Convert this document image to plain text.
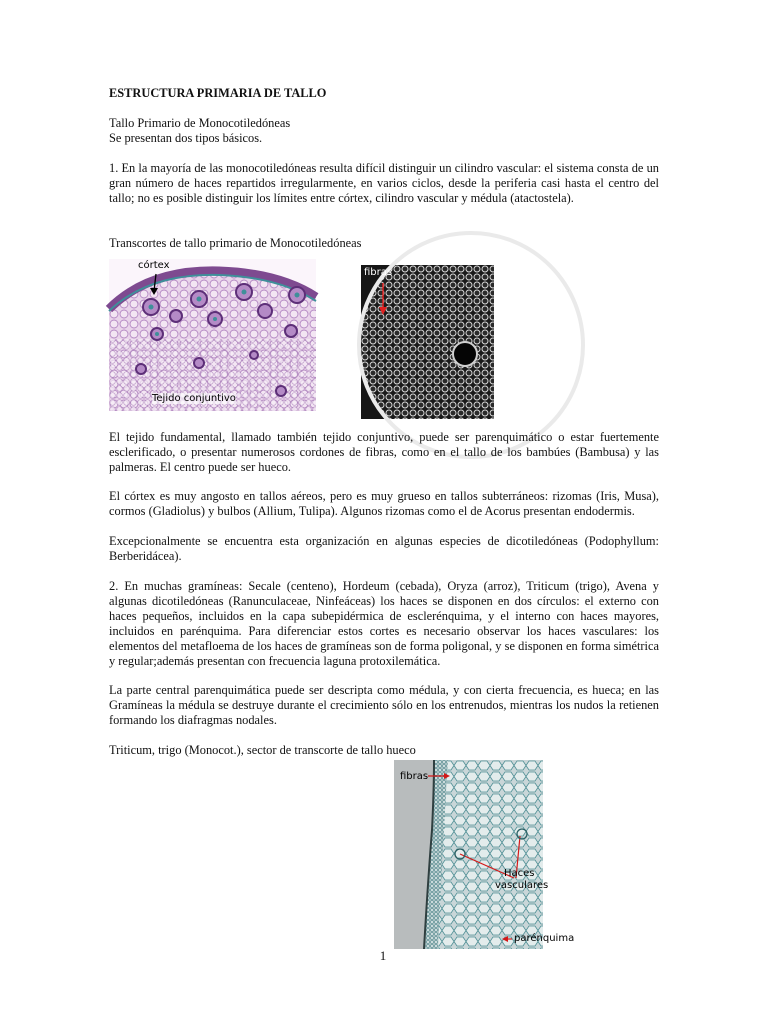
ESTRUCTURA PRIMARIA DE TALLO
Tallo Primario de Monocotiledóneas
Se presentan dos tipos básicos.
1. En la mayoría de las monocotiledóneas resulta difícil distinguir un cilindro vascular: el sistema consta de un gran número de haces repartidos irregularmente, en varios ciclos, desde la periferia casi hasta el centro del tallo; no es posible distinguir los límites entre córtex, cilindro vascular y médula (atactostela).
Transcortes de tallo primario de Monocotiledóneas
córtex
Tejido conjuntivo
fibras
El tejido fundamental, llamado también tejido conjuntivo, puede ser parenquimático o estar fuertemente esclerificado, o presentar numerosos cordones de fibras, como en el tallo de los bambúes (Bambusa) y las palmeras. El centro puede ser hueco.
El córtex es muy angosto en tallos aéreos, pero es muy grueso en tallos subterráneos: rizomas (Iris, Musa), cormos (Gladiolus) y bulbos (Allium, Tulipa). Algunos rizomas como el de Acorus presentan endodermis.
Excepcionalmente se encuentra esta organización en algunas especies de dicotiledóneas (Podophyllum: Berberidácea).
2. En muchas gramíneas: Secale (centeno), Hordeum (cebada), Oryza (arroz), Triticum (trigo), Avena y algunas dicotiledóneas (Ranunculaceae, Ninfeáceas) los haces se disponen en dos círculos: el externo con haces pequeños, incluidos en la capa subepidérmica de esclerénquima, y el interno con haces mayores, incluidos en parénquima. Para diferenciar estos cortes es necesario observar los haces vasculares: los elementos del metafloema de los haces de gramíneas son de forma poligonal, y se disponen en forma simétrica y regular;además presentan con frecuencia laguna protoxilemática.
La parte central parenquimática puede ser descripta como médula, y con cierta frecuencia, es hueca; en las Gramíneas la médula se destruye durante el crecimiento sólo en los entrenudos, mientras los nudos la retienen formando los diafragmas nodales.
Triticum, trigo (Monocot.), sector de transcorte de tallo hueco
fibras
Haces
vasculares
parénquima
1
